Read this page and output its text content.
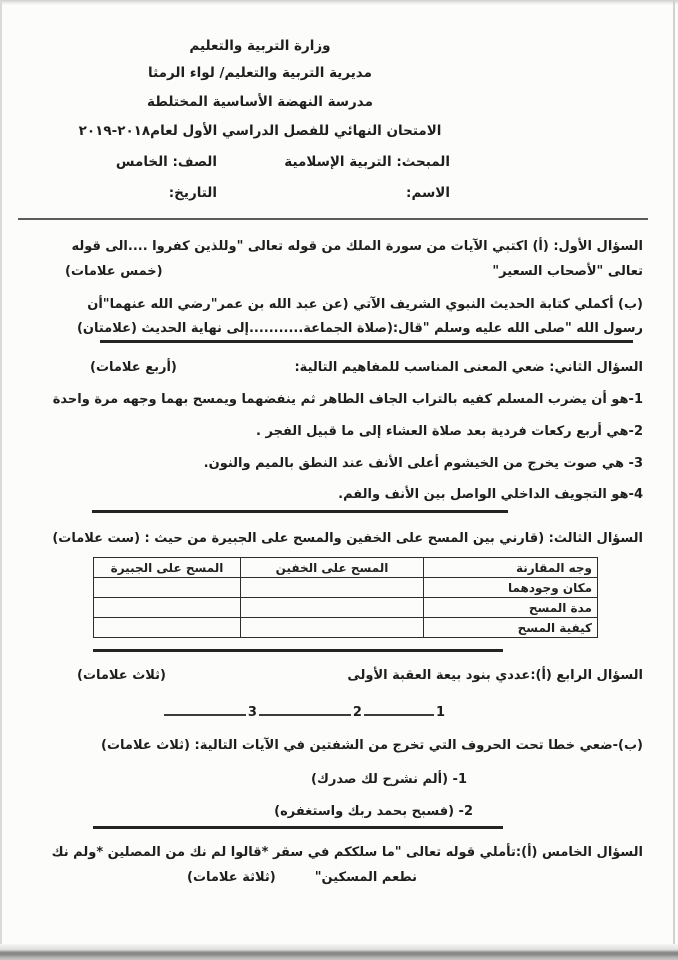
وزارة التربية والتعليم
مديرية التربية والتعليم/ لواء الرمثا
مدرسة النهضة الأساسية المختلطة
الامتحان النهائي للفصل الدراسي الأول لعام٢٠١٨-٢٠١٩
المبحث: التربية الإسلامية
الصف: الخامس
الاسم:
التاريخ:
السؤال الأول: (أ) اكتبي الآيات من سورة الملك من قوله تعالى "وللذين كفروا ....الى قوله
تعالى "لأصحاب السعير"
(خمس علامات)
(ب) أكملي كتابة الحديث النبوي الشريف الآتي (عن عبد الله بن عمر"رضي الله عنهما"أن
رسول الله "صلى الله عليه وسلم "قال:(صلاة الجماعة...........إلى نهاية الحديث (علامتان)
السؤال الثاني: ضعي المعنى المناسب للمفاهيم التالية:
(أربع علامات)
1-هو أن يضرب المسلم كفيه بالتراب الجاف الطاهر ثم ينفضهما ويمسح بهما وجهه مرة واحدة
2-هي أربع ركعات فردية بعد صلاة العشاء إلى ما قبيل الفجر .
3- هي صوت يخرج من الخيشوم أعلى الأنف عند النطق بالميم والنون.
4-هو التجويف الداخلي الواصل بين الأنف والفم.
السؤال الثالث: (قارني بين المسح على الخفين والمسح على الجبيرة من حيث : (ست علامات)
وجه المقارنة	المسح على الخفين	المسح على الجبيرة
مكان وجودهما		
مدة المسح		
كيفية المسح		
السؤال الرابع (أ):عددي بنود بيعة العقبة الأولى
(ثلاث علامات)
123
(ب)-ضعي خطا تحت الحروف التي تخرج من الشفتين في الآيات التالية: (ثلاث علامات)
1- (ألم نشرح لك صدرك)
2- (فسبح بحمد ربك واستغفره)
السؤال الخامس (أ):تأملي قوله تعالى "ما سلككم في سقر *قالوا لم نك من المصلين *ولم نك
نطعم المسكين"
(ثلاثة علامات)
